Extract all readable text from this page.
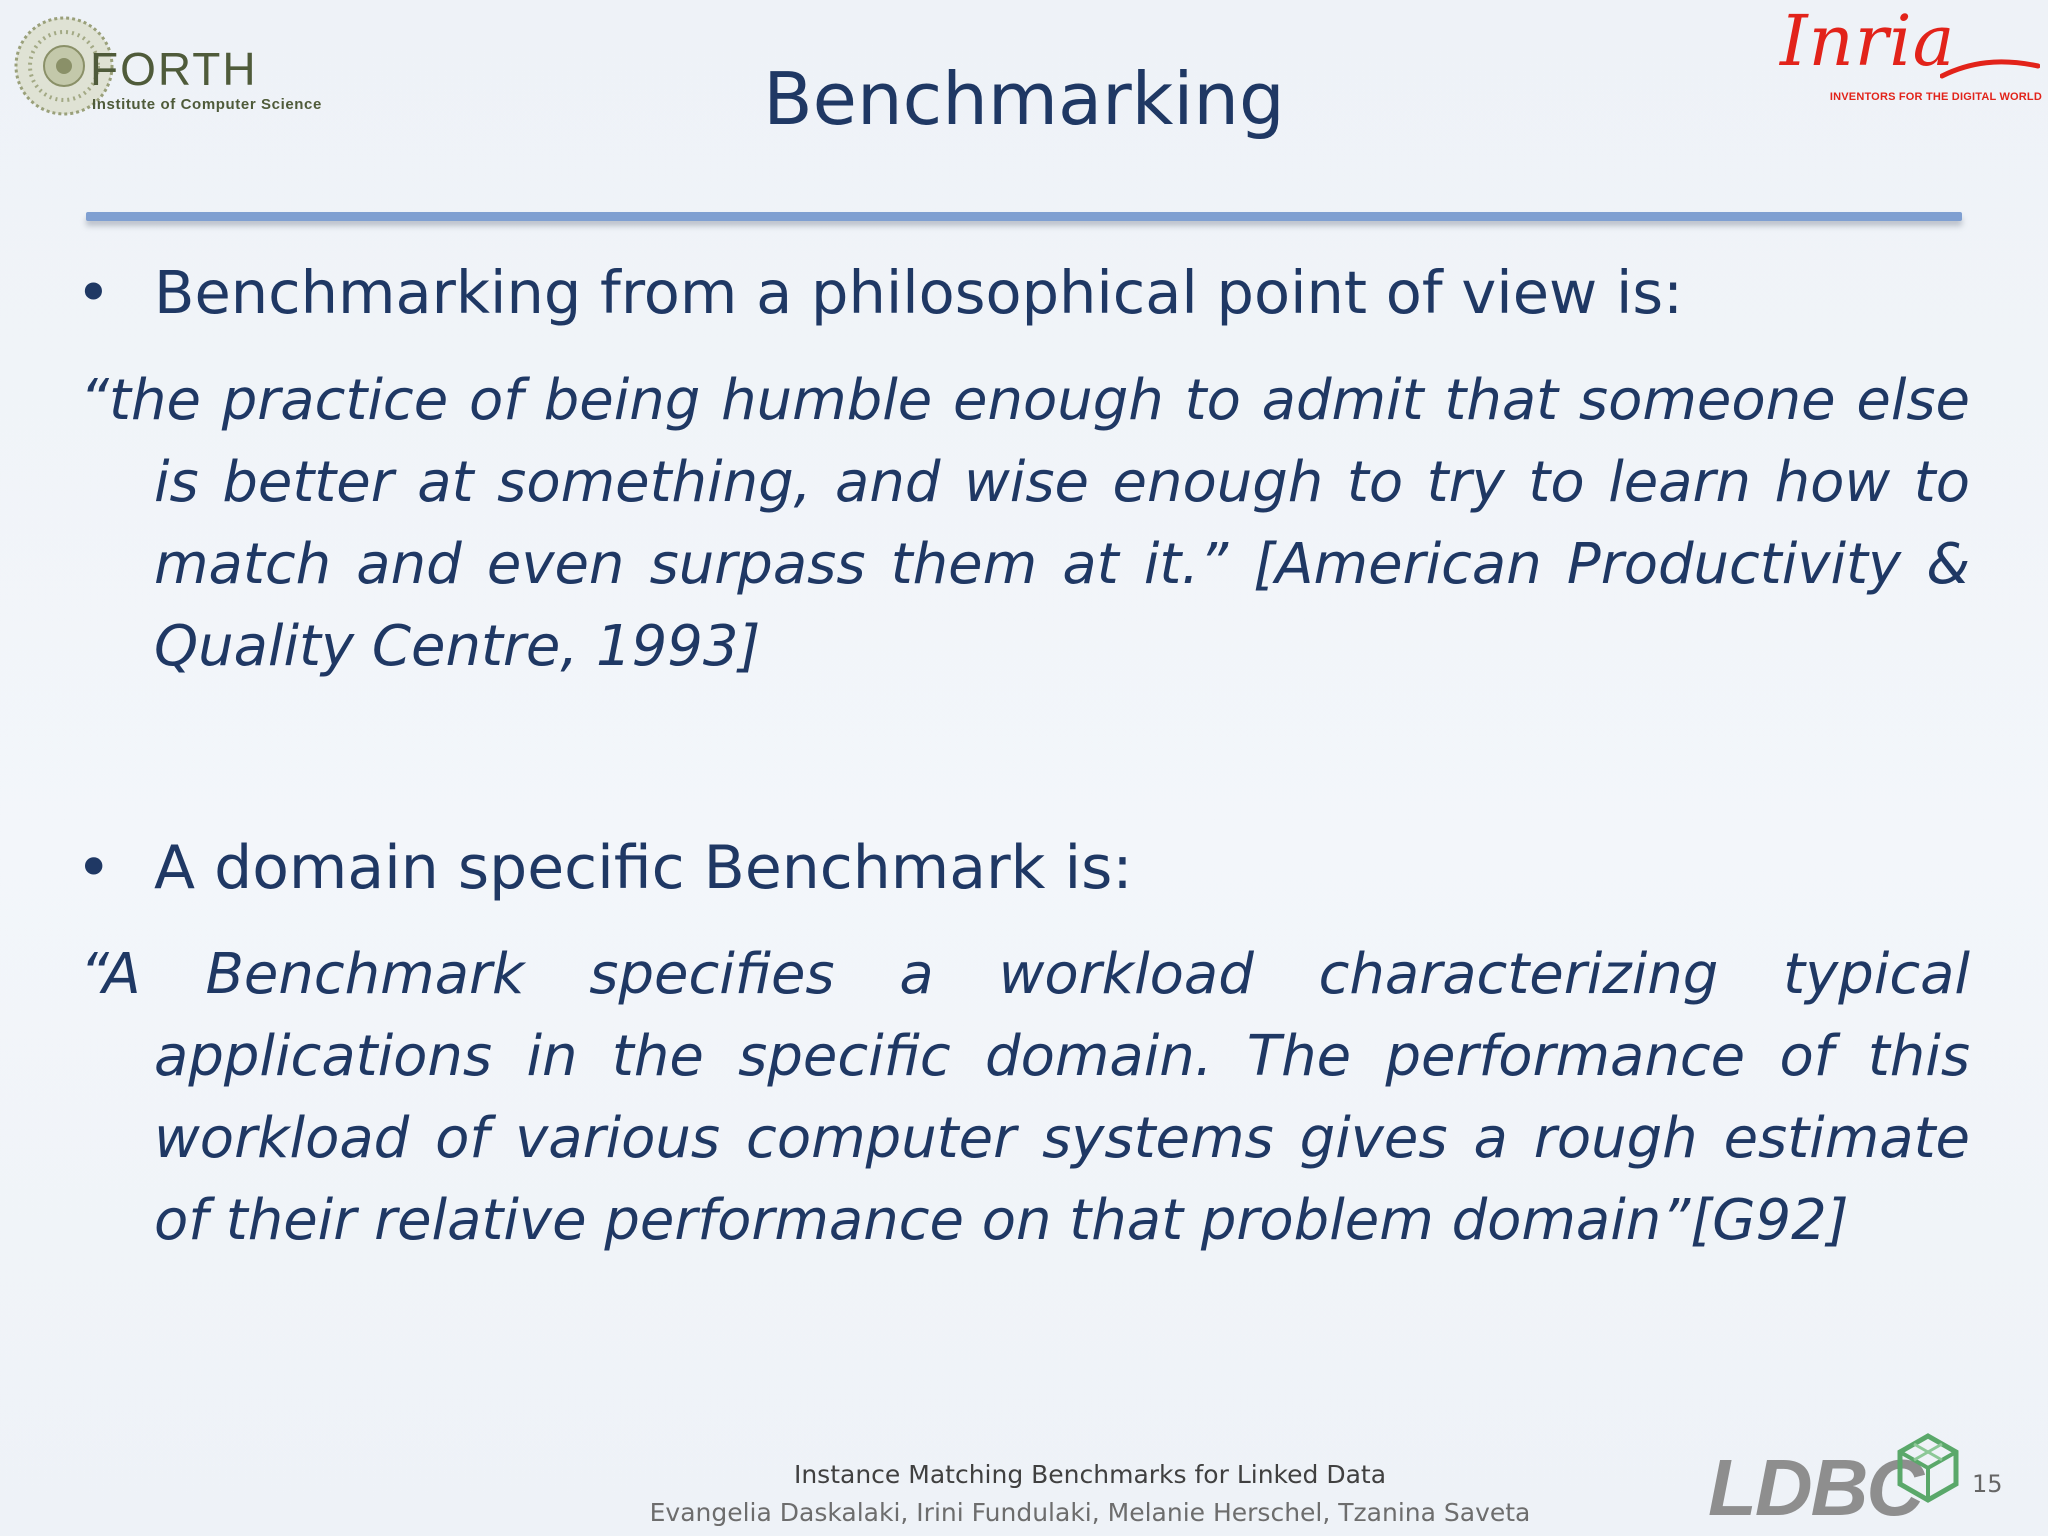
FORTH
Institute of Computer Science
Inria
INVENTORS FOR THE DIGITAL WORLD
Benchmarking
• Benchmarking from a philosophical point of view is:
“the practice of being humble enough to admit that someone else is better at something, and wise enough to try to learn how to match and even surpass them at it.” [American Productivity & Quality Centre, 1993]
• A domain specific Benchmark is:
“A Benchmark specifies a workload characterizing typical applications in the specific domain. The performance of this workload of various computer systems gives a rough estimate of their relative performance on that problem domain”[G92]
Instance Matching Benchmarks for Linked Data
Evangelia Daskalaki, Irini Fundulaki, Melanie Herschel, Tzanina Saveta	LDBC 15
